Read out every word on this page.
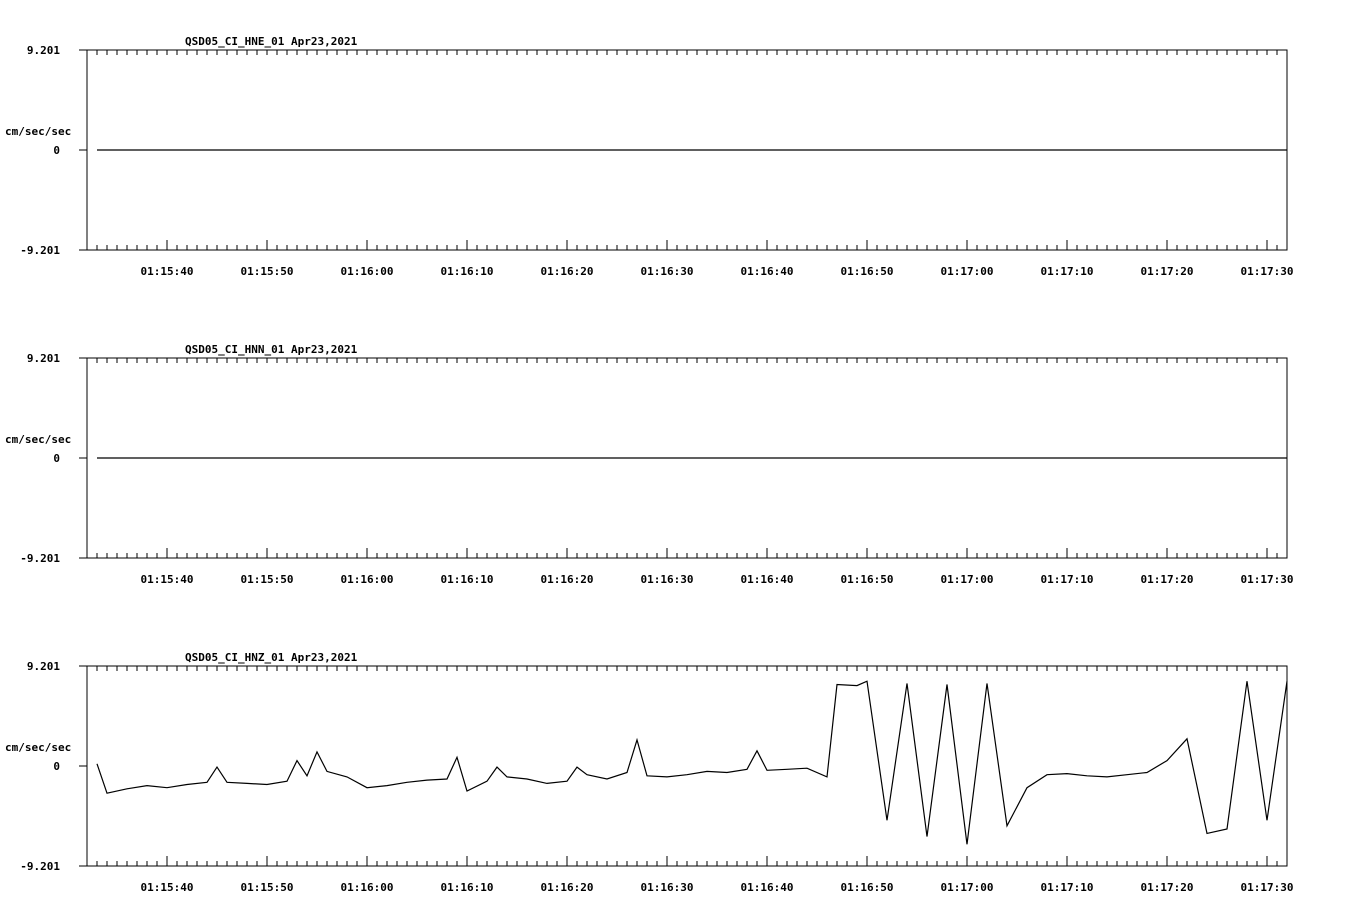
QSD05_CI_HNE_01 Apr23,2021
9.201
0
-9.201
cm/sec/sec
01:15:40	01:15:50	01:16:00	01:16:10	01:16:20	01:16:30	01:16:40	01:16:50	01:17:00	01:17:10	01:17:20	01:17:30
QSD05_CI_HNN_01 Apr23,2021
9.201
0
-9.201
cm/sec/sec
01:15:40	01:15:50	01:16:00	01:16:10	01:16:20	01:16:30	01:16:40	01:16:50	01:17:00	01:17:10	01:17:20	01:17:30
QSD05_CI_HNZ_01 Apr23,2021
9.201
0
-9.201
cm/sec/sec
01:15:40	01:15:50	01:16:00	01:16:10	01:16:20	01:16:30	01:16:40	01:16:50	01:17:00	01:17:10	01:17:20	01:17:30
